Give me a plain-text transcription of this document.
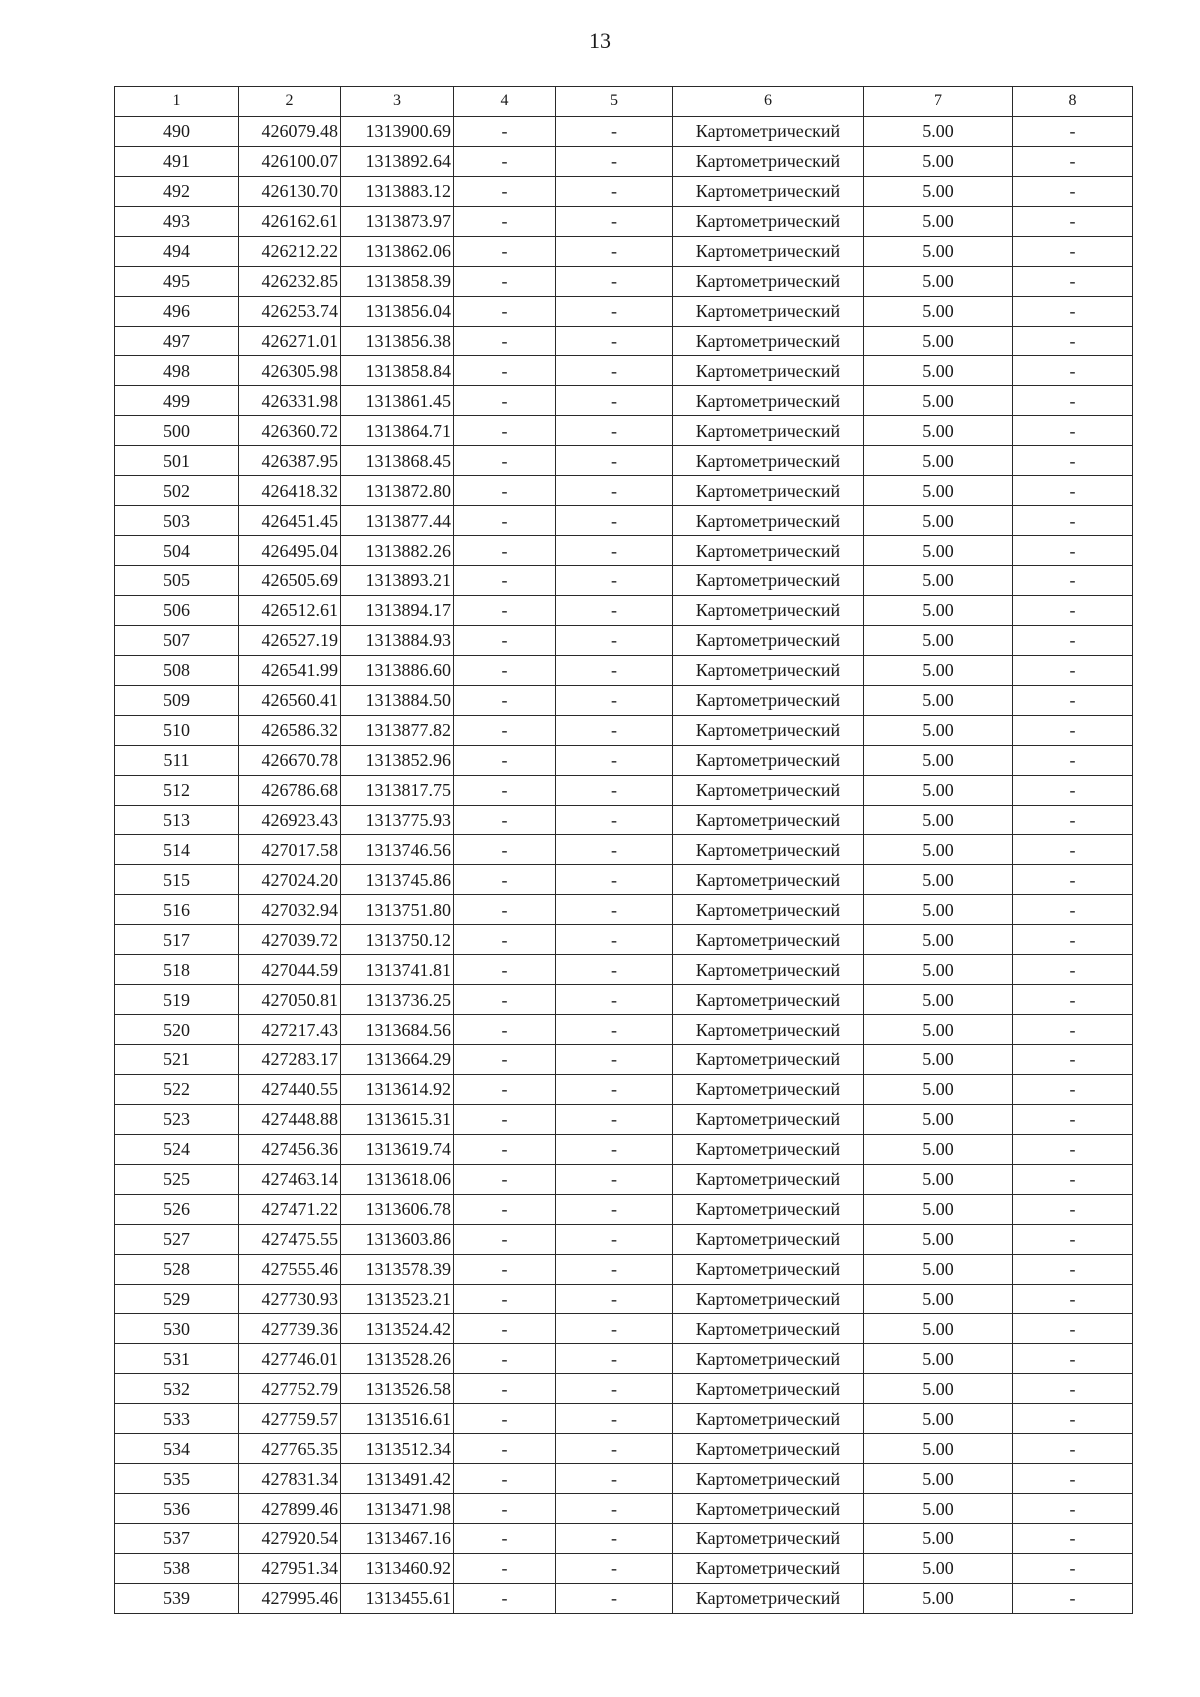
13
1	2	3	4	5	6	7	8
490	426079.48	1313900.69	-	-	Картометрический	5.00	-
491	426100.07	1313892.64	-	-	Картометрический	5.00	-
492	426130.70	1313883.12	-	-	Картометрический	5.00	-
493	426162.61	1313873.97	-	-	Картометрический	5.00	-
494	426212.22	1313862.06	-	-	Картометрический	5.00	-
495	426232.85	1313858.39	-	-	Картометрический	5.00	-
496	426253.74	1313856.04	-	-	Картометрический	5.00	-
497	426271.01	1313856.38	-	-	Картометрический	5.00	-
498	426305.98	1313858.84	-	-	Картометрический	5.00	-
499	426331.98	1313861.45	-	-	Картометрический	5.00	-
500	426360.72	1313864.71	-	-	Картометрический	5.00	-
501	426387.95	1313868.45	-	-	Картометрический	5.00	-
502	426418.32	1313872.80	-	-	Картометрический	5.00	-
503	426451.45	1313877.44	-	-	Картометрический	5.00	-
504	426495.04	1313882.26	-	-	Картометрический	5.00	-
505	426505.69	1313893.21	-	-	Картометрический	5.00	-
506	426512.61	1313894.17	-	-	Картометрический	5.00	-
507	426527.19	1313884.93	-	-	Картометрический	5.00	-
508	426541.99	1313886.60	-	-	Картометрический	5.00	-
509	426560.41	1313884.50	-	-	Картометрический	5.00	-
510	426586.32	1313877.82	-	-	Картометрический	5.00	-
511	426670.78	1313852.96	-	-	Картометрический	5.00	-
512	426786.68	1313817.75	-	-	Картометрический	5.00	-
513	426923.43	1313775.93	-	-	Картометрический	5.00	-
514	427017.58	1313746.56	-	-	Картометрический	5.00	-
515	427024.20	1313745.86	-	-	Картометрический	5.00	-
516	427032.94	1313751.80	-	-	Картометрический	5.00	-
517	427039.72	1313750.12	-	-	Картометрический	5.00	-
518	427044.59	1313741.81	-	-	Картометрический	5.00	-
519	427050.81	1313736.25	-	-	Картометрический	5.00	-
520	427217.43	1313684.56	-	-	Картометрический	5.00	-
521	427283.17	1313664.29	-	-	Картометрический	5.00	-
522	427440.55	1313614.92	-	-	Картометрический	5.00	-
523	427448.88	1313615.31	-	-	Картометрический	5.00	-
524	427456.36	1313619.74	-	-	Картометрический	5.00	-
525	427463.14	1313618.06	-	-	Картометрический	5.00	-
526	427471.22	1313606.78	-	-	Картометрический	5.00	-
527	427475.55	1313603.86	-	-	Картометрический	5.00	-
528	427555.46	1313578.39	-	-	Картометрический	5.00	-
529	427730.93	1313523.21	-	-	Картометрический	5.00	-
530	427739.36	1313524.42	-	-	Картометрический	5.00	-
531	427746.01	1313528.26	-	-	Картометрический	5.00	-
532	427752.79	1313526.58	-	-	Картометрический	5.00	-
533	427759.57	1313516.61	-	-	Картометрический	5.00	-
534	427765.35	1313512.34	-	-	Картометрический	5.00	-
535	427831.34	1313491.42	-	-	Картометрический	5.00	-
536	427899.46	1313471.98	-	-	Картометрический	5.00	-
537	427920.54	1313467.16	-	-	Картометрический	5.00	-
538	427951.34	1313460.92	-	-	Картометрический	5.00	-
539	427995.46	1313455.61	-	-	Картометрический	5.00	-
